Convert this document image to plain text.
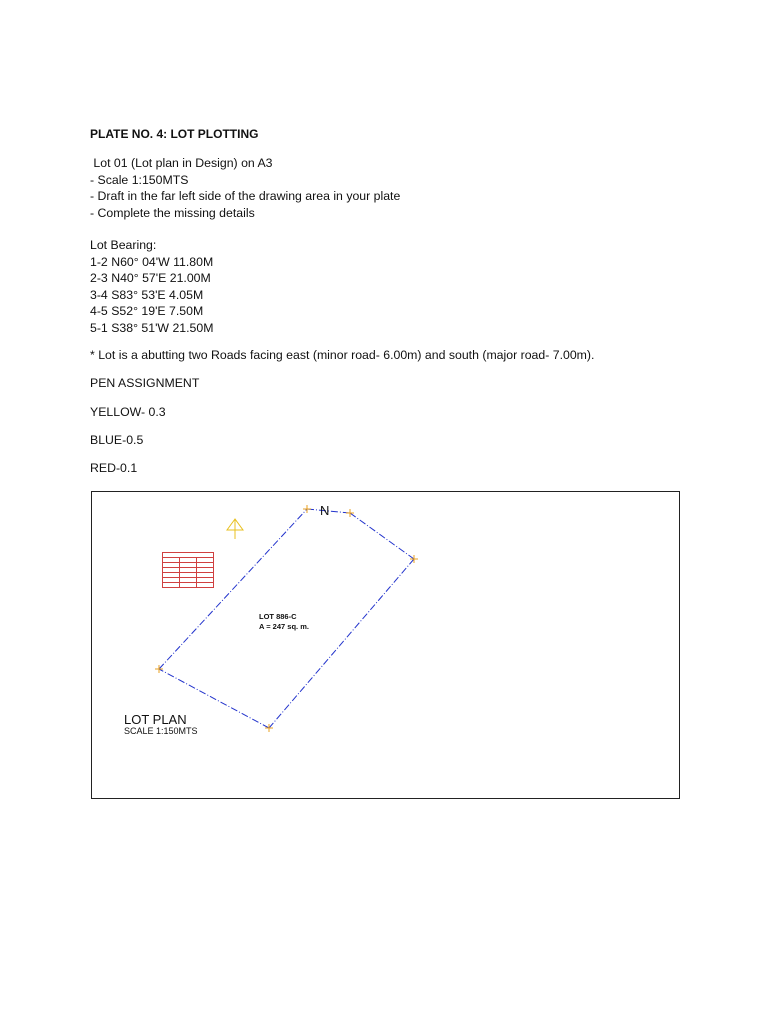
PLATE NO. 4: LOT PLOTTING
Lot 01 (Lot plan in Design) on A3
- Scale 1:150MTS
- Draft in the far left side of the drawing area in your plate
- Complete the missing details
Lot Bearing:
1-2 N60° 04'W 11.80M
2-3 N40° 57'E 21.00M
3-4 S83° 53'E 4.05M
4-5 S52° 19'E 7.50M
5-1 S38° 51'W 21.50M
* Lot is a abutting two Roads facing east (minor road- 6.00m) and south (major road- 7.00m).
PEN ASSIGNMENT
YELLOW- 0.3
BLUE-0.5
RED-0.1
N

LOT 886-C
A = 247 sq. m.
LOT PLAN
SCALE 1:150MTS
